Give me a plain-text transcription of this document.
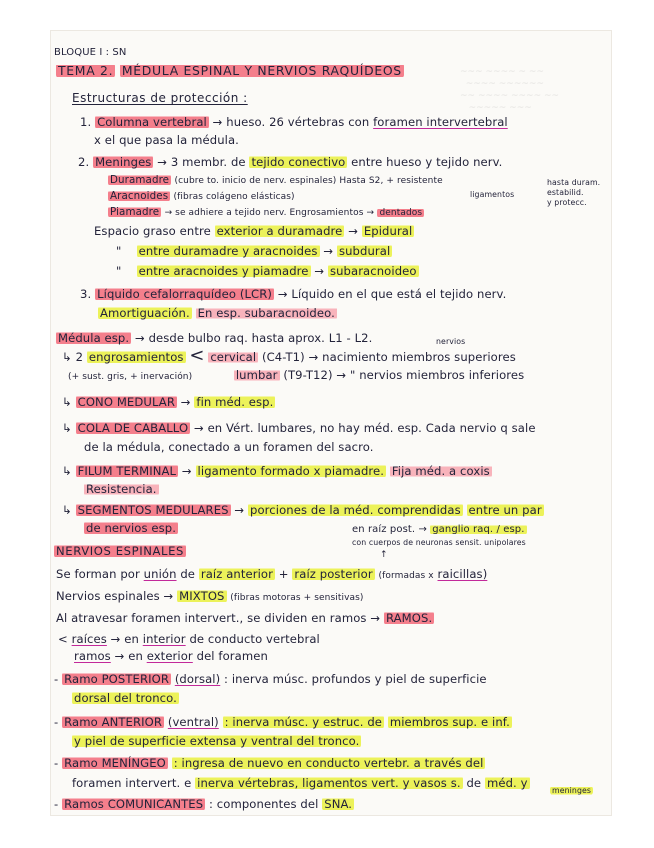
~~~ ~~~~ ~ ~~
~~~~ ~~~~~~
~~ ~~~~ ~~~~ ~~
~~~~~ ~~~
BLOQUE I : SN
TEMA 2. MÉDULA ESPINAL Y NERVIOS RAQUÍDEOS
Estructuras de protección :
1. Columna vertebral → hueso. 26 vértebras con foramen intervertebral
x el que pasa la médula.
2. Meninges → 3 membr. de tejido conectivo entre hueso y tejido nerv.
Duramadre (cubre to. inicio de nerv. espinales) Hasta S2, + resistente
Aracnoides (fibras colágeno elásticas)
Piamadre → se adhiere a tejido nerv. Engrosamientos → dentados
ligamentos
hasta duram.
estabilid.
y protecc.
Espacio graso entre exterior a duramadre → Epidural
" entre duramadre y aracnoides → subdural
" entre aracnoides y piamadre → subaracnoideo
3. Líquido cefalorraquídeo (LCR) → Líquido en el que está el tejido nerv.
Amortiguación. En esp. subaracnoideo.
Médula esp. → desde bulbo raq. hasta aprox. L1 - L2.	nervios
↳ 2 engrosamientos < cervical (C4-T1) → nacimiento miembros superiores
(+ sust. gris, + inervación)	lumbar (T9-T12) → " nervios miembros inferiores
↳ CONO MEDULAR → fin méd. esp.
↳ COLA DE CABALLO → en Vért. lumbares, no hay méd. esp. Cada nervio q sale
de la médula, conectado a un foramen del sacro.
↳ FILUM TERMINAL → ligamento formado x piamadre. Fija méd. a coxis
Resistencia.
↳ SEGMENTOS MEDULARES → porciones de la méd. comprendidas entre un par
de nervios esp.	en raíz post. → ganglio raq. / esp.
con cuerpos de neuronas sensit. unipolares
↑
NERVIOS ESPINALES
Se forman por unión de raíz anterior + raíz posterior (formadas x raicillas)
Nervios espinales → MIXTOS (fibras motoras + sensitivas)
Al atravesar foramen intervert., se dividen en ramos → RAMOS.
< raíces → en interior de conducto vertebral
ramos → en exterior del foramen
- Ramo POSTERIOR (dorsal) : inerva músc. profundos y piel de superficie
dorsal del tronco.
- Ramo ANTERIOR (ventral) : inerva músc. y estruc. de miembros sup. e inf.
y piel de superficie extensa y ventral del tronco.
- Ramo MENÍNGEO : ingresa de nuevo en conducto vertebr. a través del
foramen intervert. e inerva vértebras, ligamentos vert. y vasos s. de méd. y
meninges
- Ramos COMUNICANTES : componentes del SNA.
